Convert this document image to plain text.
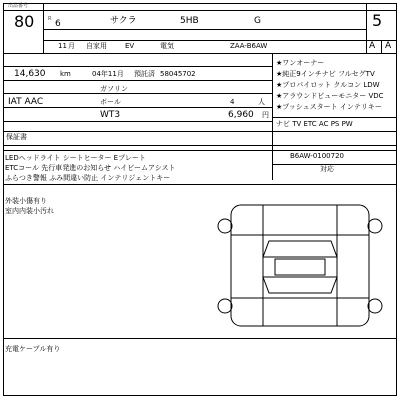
出品番号
80	R 6	サクラ	5HB	G	5
A A
11 月 自家用	EV	電気	ZAA-B6AW
14,630 km	04年11月 預託済 58045702
ガソリン
IAT AAC	ボール	4	人
WT3	6,960 円
保証書
★ワンオーナー
★純正9インチナビ フルセグTV
★プロパイロット クルコン LDW
★アラウンドビューモニター VDC
★プッシュスタート インテリキー
ナビ TV ETC AC PS PW
B6AW-0100720
対応
LEDヘッドライト シートヒーター Eプレート
ETCコール 先行車発進のお知らせ ハイビームアシスト
ふらつき警報 ふみ間違い防止 インテリジェントキー
外装小傷有り
室内内装小汚れ
充電ケーブル有り
